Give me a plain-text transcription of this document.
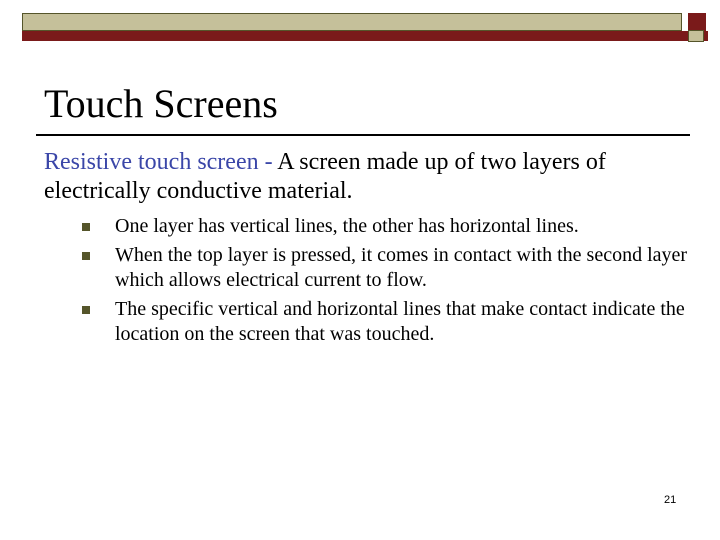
Touch Screens
Resistive touch screen - A screen made up of two layers of electrically conductive material.
One layer has vertical lines, the other has horizontal lines.
When the top layer is pressed, it comes in contact with the second layer which allows electrical current to flow.
The specific vertical and horizontal lines that make contact indicate the location on the screen that was touched.
21
